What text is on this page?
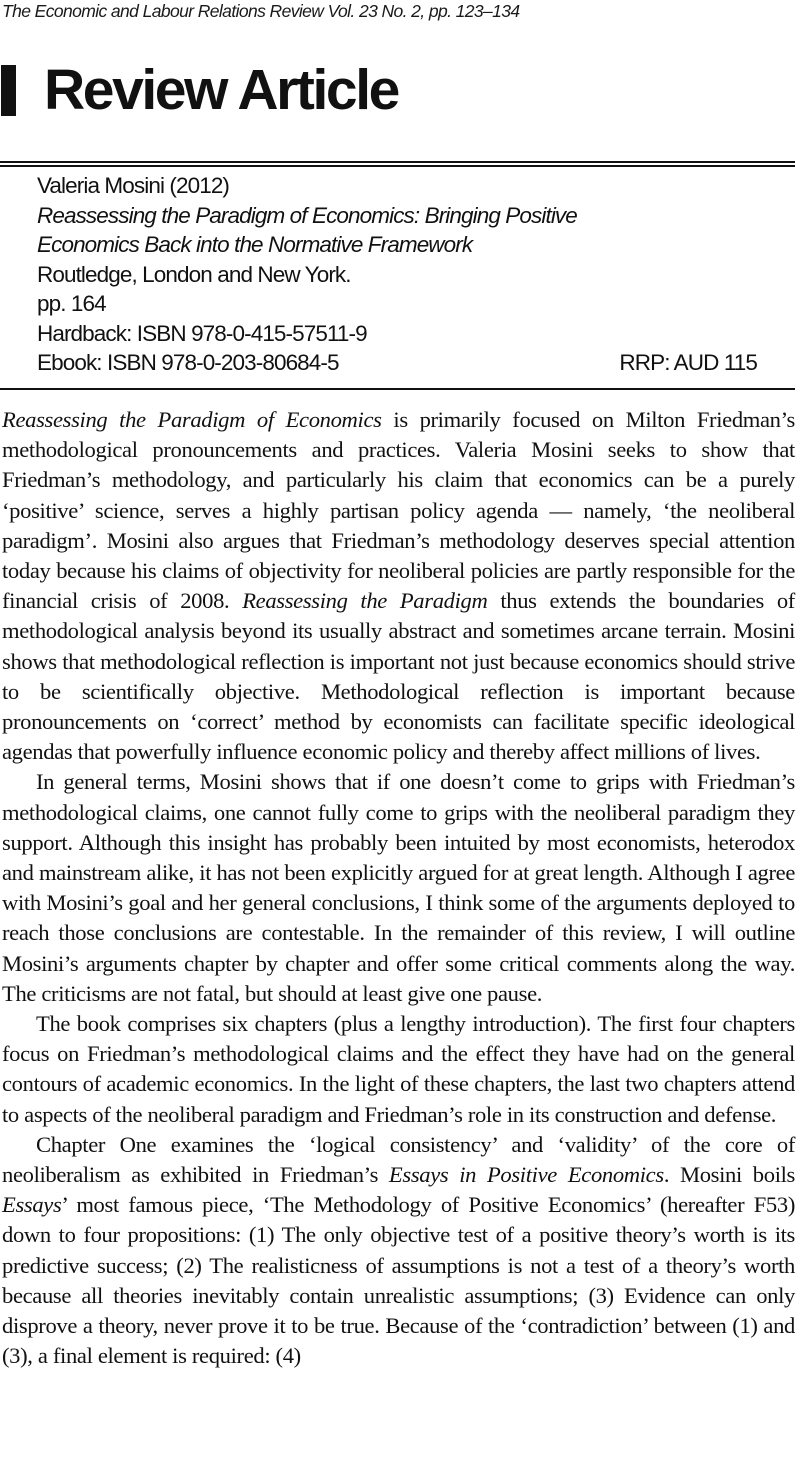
The Economic and Labour Relations Review Vol. 23 No. 2, pp. 123–134
Review Article
Valeria Mosini (2012)
Reassessing the Paradigm of Economics: Bringing Positive
Economics Back into the Normative Framework
Routledge, London and New York.
pp. 164
Hardback: ISBN 978-0-415-57511-9
Ebook: ISBN 978-0-203-80684-5	RRP: AUD 115

Reassessing the Paradigm of Economics is primarily focused on Milton Friedman’s methodological pronouncements and practices. Valeria Mosini seeks to show that Friedman’s methodology, and particularly his claim that economics can be a purely ‘positive’ science, serves a highly partisan policy agenda — namely, ‘the neoliberal paradigm’. Mosini also argues that Friedman’s methodology deserves special attention today because his claims of objectivity for neoliberal policies are partly responsible for the financial crisis of 2008. Reassessing the Paradigm thus extends the boundaries of methodological analysis beyond its usually abstract and sometimes arcane terrain. Mosini shows that methodological reflection is important not just because economics should strive to be scientifically objective. Methodological reflection is important because pronouncements on ‘correct’ method by economists can facilitate specific ideological agendas that powerfully influence economic policy and thereby affect millions of lives.

In general terms, Mosini shows that if one doesn’t come to grips with Friedman’s methodological claims, one cannot fully come to grips with the neoliberal paradigm they support. Although this insight has probably been intuited by most economists, heterodox and mainstream alike, it has not been explicitly argued for at great length. Although I agree with Mosini’s goal and her general conclusions, I think some of the arguments deployed to reach those conclusions are contestable. In the remainder of this review, I will outline Mosini’s arguments chapter by chapter and offer some critical comments along the way. The criticisms are not fatal, but should at least give one pause.

The book comprises six chapters (plus a lengthy introduction). The first four chapters focus on Friedman’s methodological claims and the effect they have had on the general contours of academic economics. In the light of these chapters, the last two chapters attend to aspects of the neoliberal paradigm and Friedman’s role in its construction and defense.

Chapter One examines the ‘logical consistency’ and ‘validity’ of the core of neoliberalism as exhibited in Friedman’s Essays in Positive Economics. Mosini boils Essays’ most famous piece, ‘The Methodology of Positive Economics’ (hereafter F53) down to four propositions: (1) The only objective test of a positive theory’s worth is its predictive success; (2) The realisticness of assumptions is not a test of a theory’s worth because all theories inevitably contain unrealistic assumptions; (3) Evidence can only disprove a theory, never prove it to be true. Because of the ‘contradiction’ between (1) and (3), a final element is required: (4)
